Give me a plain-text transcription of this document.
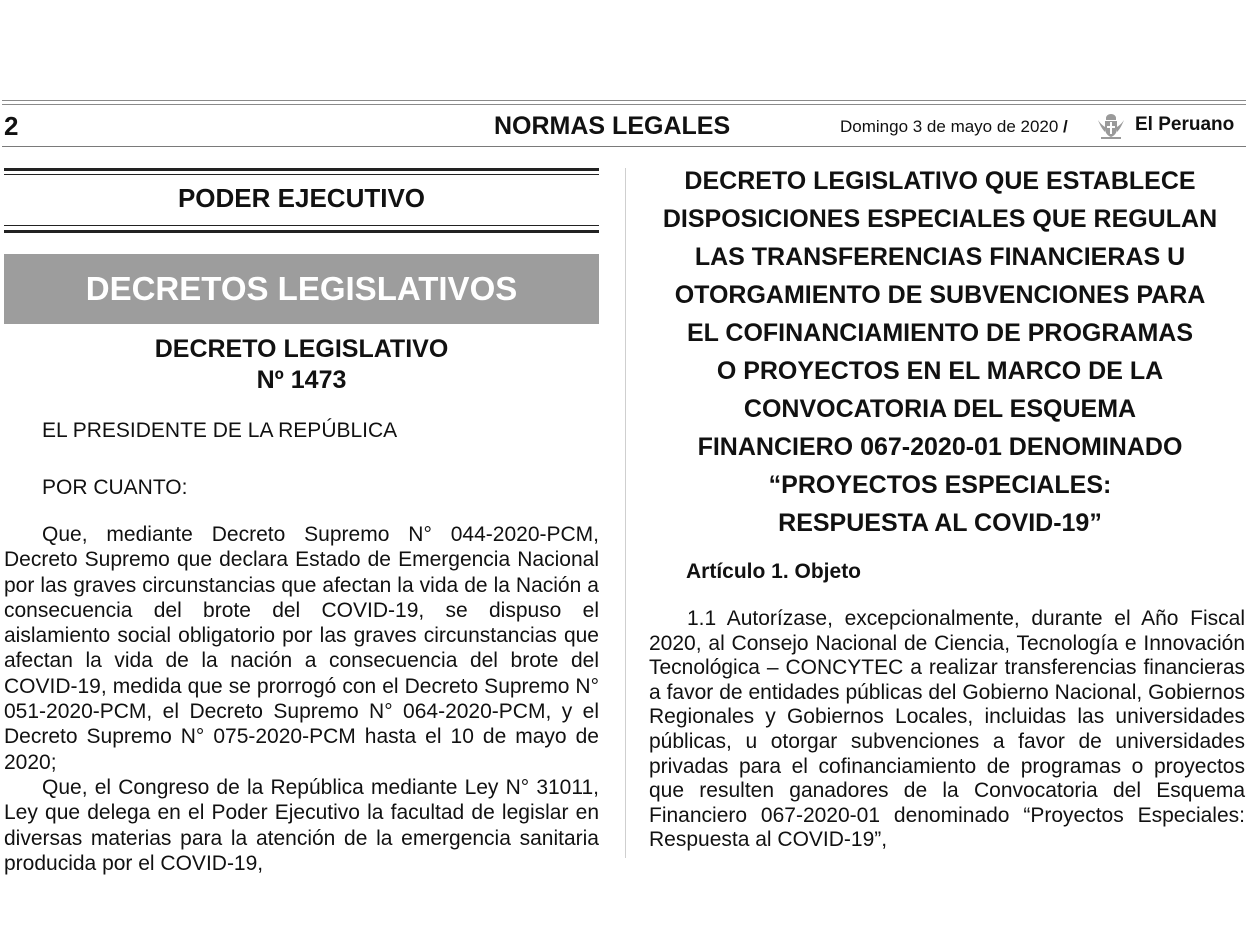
2	NORMAS LEGALES	Domingo 3 de mayo de 2020 /	El Peruano
PODER EJECUTIVO
DECRETOS LEGISLATIVOS
DECRETO LEGISLATIVO
Nº 1473
EL PRESIDENTE DE LA REPÚBLICA
POR CUANTO:

Que, mediante Decreto Supremo N° 044-2020-PCM, Decreto Supremo que declara Estado de Emergencia Nacional por las graves circunstancias que afectan la vida de la Nación a consecuencia del brote del COVID-19, se dispuso el aislamiento social obligatorio por las graves circunstancias que afectan la vida de la nación a consecuencia del brote del COVID-19, medida que se prorrogó con el Decreto Supremo N° 051-2020-PCM, el Decreto Supremo N° 064-2020-PCM, y el Decreto Supremo N° 075-2020-PCM hasta el 10 de mayo de 2020;

Que, el Congreso de la República mediante Ley N° 31011, Ley que delega en el Poder Ejecutivo la facultad de legislar en diversas materias para la atención de la emergencia sanitaria producida por el COVID-19,

DECRETO LEGISLATIVO QUE ESTABLECE
DISPOSICIONES ESPECIALES QUE REGULAN
LAS TRANSFERENCIAS FINANCIERAS U
OTORGAMIENTO DE SUBVENCIONES PARA
EL COFINANCIAMIENTO DE PROGRAMAS
O PROYECTOS EN EL MARCO DE LA
CONVOCATORIA DEL ESQUEMA
FINANCIERO 067-2020-01 DENOMINADO
“PROYECTOS ESPECIALES:
RESPUESTA AL COVID-19”
Artículo 1. Objeto

1.1 Autorízase, excepcionalmente, durante el Año Fiscal 2020, al Consejo Nacional de Ciencia, Tecnología e Innovación Tecnológica – CONCYTEC a realizar transferencias financieras a favor de entidades públicas del Gobierno Nacional, Gobiernos Regionales y Gobiernos Locales, incluidas las universidades públicas, u otorgar subvenciones a favor de universidades privadas para el cofinanciamiento de programas o proyectos que resulten ganadores de la Convocatoria del Esquema Financiero 067-2020-01 denominado “Proyectos Especiales: Respuesta al COVID-19”,
